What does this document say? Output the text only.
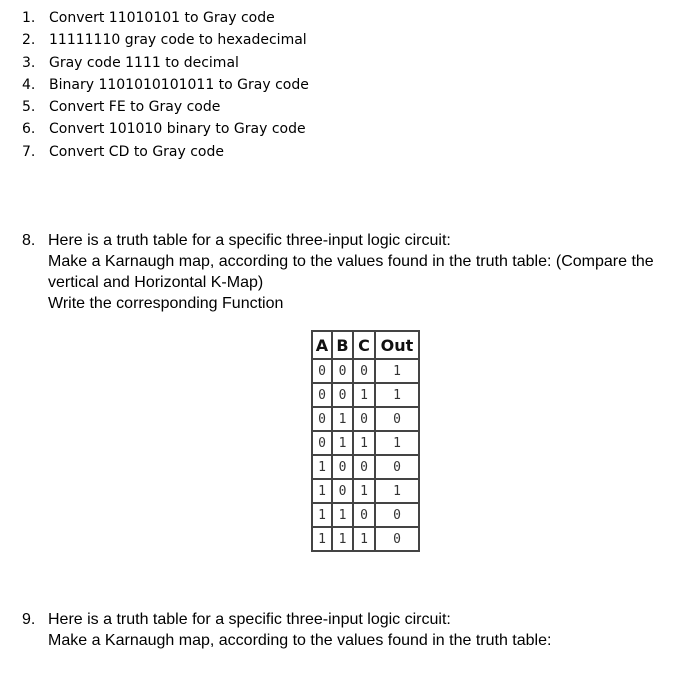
1. Convert 11010101 to Gray code
2. 11111110 gray code to hexadecimal
3. Gray code 1111 to decimal
4. Binary 1101010101011 to Gray code
5. Convert FE to Gray code
6. Convert 101010 binary to Gray code
7. Convert CD to Gray code
8. Here is a truth table for a specific three-input logic circuit:
Make a Karnaugh map, according to the values found in the truth table: (Compare the
vertical and Horizontal K-Map)
Write the corresponding Function
A	B	C	Out
0	0	0	1
0	0	1	1
0	1	0	0
0	1	1	1
1	0	0	0
1	0	1	1
1	1	0	0
1	1	1	0
9. Here is a truth table for a specific three-input logic circuit:
Make a Karnaugh map, according to the values found in the truth table:
